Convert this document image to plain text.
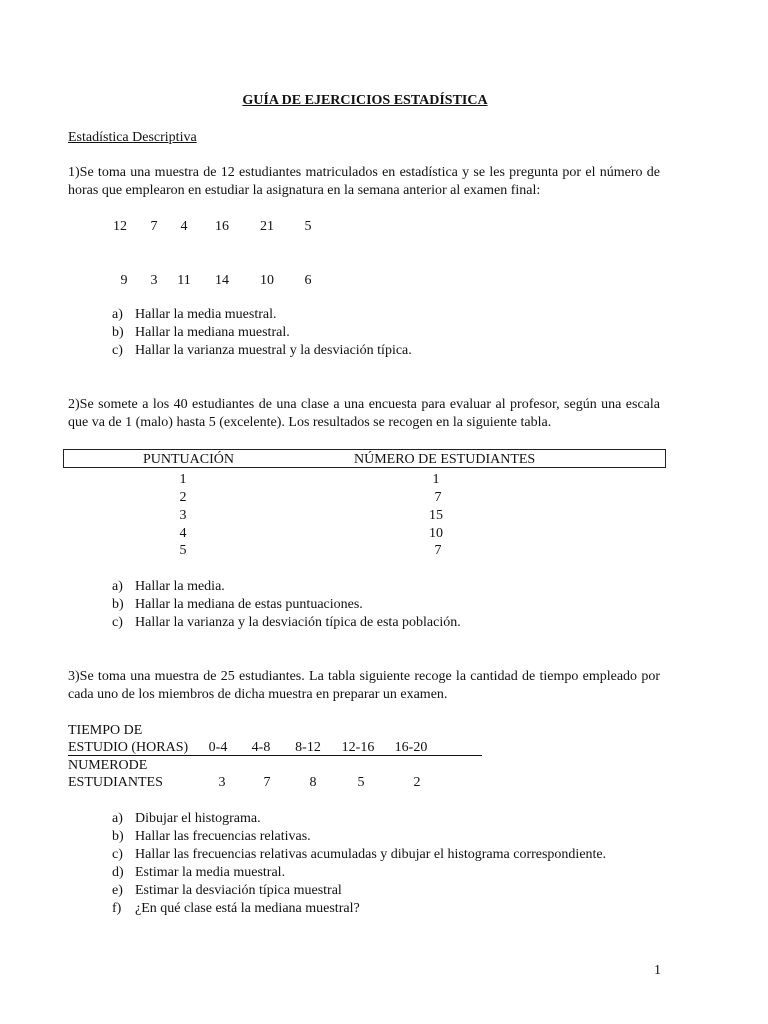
GUÍA DE EJERCICIOS ESTADÍSTICA
Estadística Descriptiva
1)Se toma una muestra de 12 estudiantes matriculados en estadística y se les pregunta por el número de horas que emplearon en estudiar la asignatura en la semana anterior al examen final:
12	7	4	16	21	5
9	3	11	14	10	6
a) Hallar la media muestral.
b) Hallar la mediana muestral.
c) Hallar la varianza muestral y la desviación típica.
2)Se somete a los 40 estudiantes de una clase a una encuesta para evaluar al profesor, según una escala que va de 1 (malo) hasta 5 (excelente). Los resultados se recogen en la siguiente tabla.
PUNTUACIÓN	NÚMERO DE ESTUDIANTES
1	1
2	7
3	15
4	10
5	7
a) Hallar la media.
b) Hallar la mediana de estas puntuaciones.
c) Hallar la varianza y la desviación típica de esta población.
3)Se toma una muestra de 25 estudiantes. La tabla siguiente recoge la cantidad de tiempo empleado por cada uno de los miembros de dicha muestra en preparar un examen.
TIEMPO DE
ESTUDIO (HORAS)	0-4	4-8	8-12	12-16 16-20
NUMERODE
ESTUDIANTES	3	7	8	5	2
a) Dibujar el histograma.
b) Hallar las frecuencias relativas.
c) Hallar las frecuencias relativas acumuladas y dibujar el histograma correspondiente.
d) Estimar la media muestral.
e) Estimar la desviación típica muestral
f) ¿En qué clase está la mediana muestral?
1
